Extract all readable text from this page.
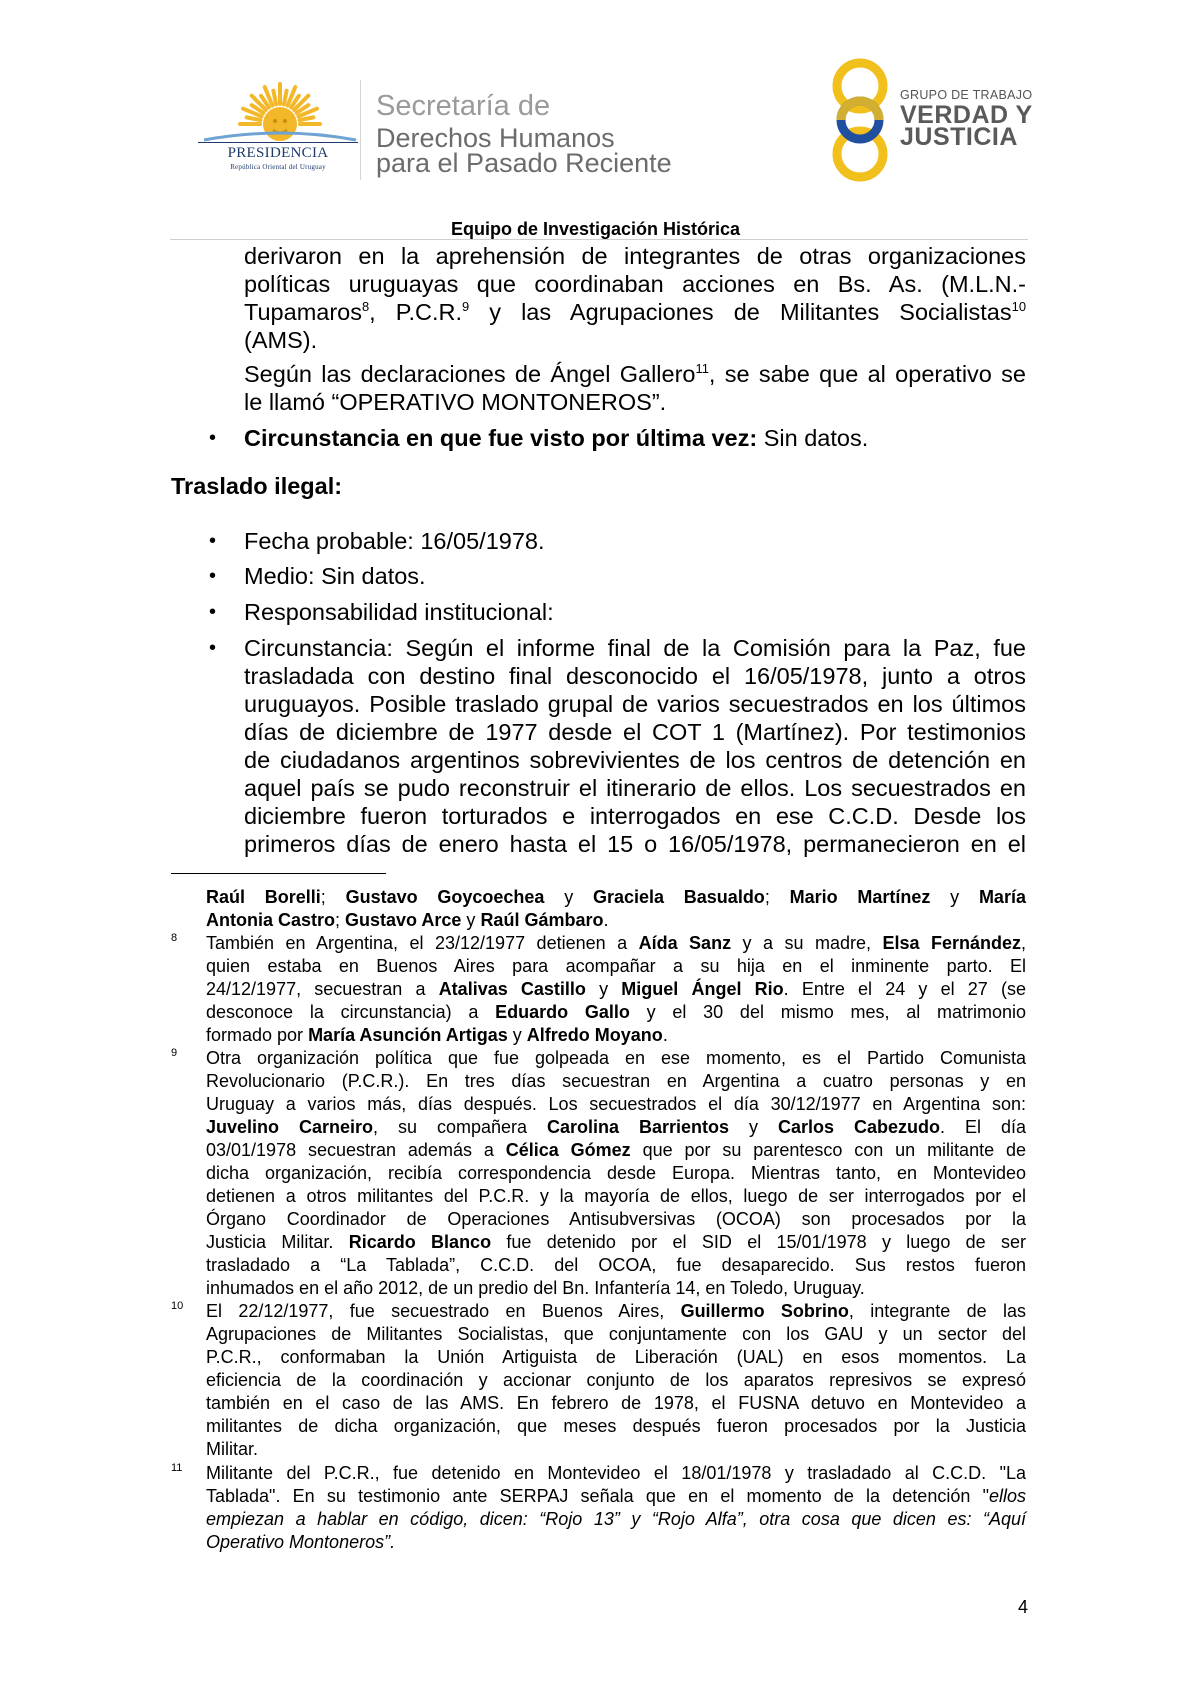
PRESIDENCIA
República Oriental del Uruguay
Secretaría de
Derechos Humanos
para el Pasado Reciente
GRUPO DE TRABAJO
VERDAD Y
JUSTICIA
Equipo de Investigación Histórica
derivaron en la aprehensión de integrantes de otras organizaciones
políticas uruguayas que coordinaban acciones en Bs. As. (M.L.N.-
Tupamaros$^8$, P.C.R.$^9$ y las Agrupaciones de Militantes Socialistas$^{10}$
(AMS).
Según las declaraciones de Ángel Gallero$^{11}$, se sabe que al operativo se
le llamó “OPERATIVO MONTONEROS”.
• Circunstancia en que fue visto por última vez: Sin datos.
Traslado ilegal:
• Fecha probable: 16/05/1978.
• Medio: Sin datos.
• Responsabilidad institucional:
• Circunstancia: Según el informe final de la Comisión para la Paz, fue
trasladada con destino final desconocido el 16/05/1978, junto a otros
uruguayos. Posible traslado grupal de varios secuestrados en los últimos
días de diciembre de 1977 desde el COT 1 (Martínez). Por testimonios
de ciudadanos argentinos sobrevivientes de los centros de detención en
aquel país se pudo reconstruir el itinerario de ellos. Los secuestrados en
diciembre fueron torturados e interrogados en ese C.C.D. Desde los
primeros días de enero hasta el 15 o 16/05/1978, permanecieron en el
Raúl Borelli; Gustavo Goycoechea y Graciela Basualdo; Mario Martínez y María
Antonia Castro; Gustavo Arce y Raúl Gámbaro.
8 También en Argentina, el 23/12/1977 detienen a Aída Sanz y a su madre, Elsa Fernández,
quien estaba en Buenos Aires para acompañar a su hija en el inminente parto. El
24/12/1977, secuestran a Atalivas Castillo y Miguel Ángel Rio. Entre el 24 y el 27 (se
desconoce la circunstancia) a Eduardo Gallo y el 30 del mismo mes, al matrimonio
formado por María Asunción Artigas y Alfredo Moyano.
9 Otra organización política que fue golpeada en ese momento, es el Partido Comunista
Revolucionario (P.C.R.). En tres días secuestran en Argentina a cuatro personas y en
Uruguay a varios más, días después. Los secuestrados el día 30/12/1977 en Argentina son:
Juvelino Carneiro, su compañera Carolina Barrientos y Carlos Cabezudo. El día
03/01/1978 secuestran además a Célica Gómez que por su parentesco con un militante de
dicha organización, recibía correspondencia desde Europa. Mientras tanto, en Montevideo
detienen a otros militantes del P.C.R. y la mayoría de ellos, luego de ser interrogados por el
Órgano Coordinador de Operaciones Antisubversivas (OCOA) son procesados por la
Justicia Militar. Ricardo Blanco fue detenido por el SID el 15/01/1978 y luego de ser
trasladado a “La Tablada”, C.C.D. del OCOA, fue desaparecido. Sus restos fueron
inhumados en el año 2012, de un predio del Bn. Infantería 14, en Toledo, Uruguay.
10 El 22/12/1977, fue secuestrado en Buenos Aires, Guillermo Sobrino, integrante de las
Agrupaciones de Militantes Socialistas, que conjuntamente con los GAU y un sector del
P.C.R., conformaban la Unión Artiguista de Liberación (UAL) en esos momentos. La
eficiencia de la coordinación y accionar conjunto de los aparatos represivos se expresó
también en el caso de las AMS. En febrero de 1978, el FUSNA detuvo en Montevideo a
militantes de dicha organización, que meses después fueron procesados por la Justicia
Militar.
11 Militante del P.C.R., fue detenido en Montevideo el 18/01/1978 y trasladado al C.C.D. "La
Tablada". En su testimonio ante SERPAJ señala que en el momento de la detención "ellos
empiezan a hablar en código, dicen: “Rojo 13” y “Rojo Alfa”, otra cosa que dicen es: “Aquí
Operativo Montoneros”.
4
